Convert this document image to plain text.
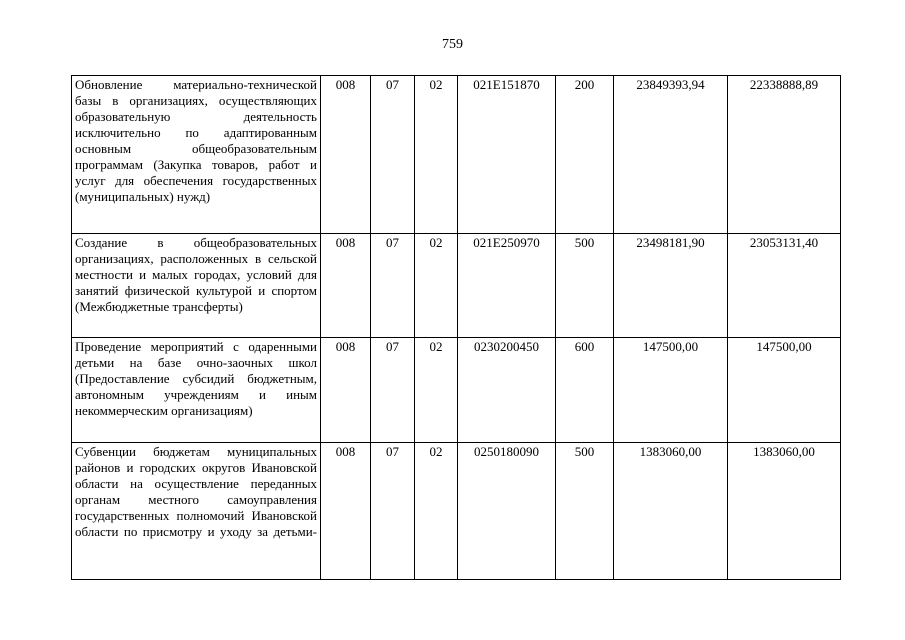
759
Обновление материально-технической базы в организациях, осуществляющих образовательную деятельность исключительно по адаптированным основным общеобразовательным программам (Закупка товаров, работ и услуг для обеспечения государственных (муниципальных) нужд)	008	07	02	021E151870	200	23849393,94	22338888,89
Создание в общеобразовательных организациях, расположенных в сельской местности и малых городах, условий для занятий физической культурой и спортом (Межбюджетные трансферты)	008	07	02	021E250970	500	23498181,90	23053131,40
Проведение мероприятий с одаренными детьми на базе очно-заочных школ (Предоставление субсидий бюджетным, автономным учреждениям и иным некоммерческим организациям)	008	07	02	0230200450	600	147500,00	147500,00
Субвенции бюджетам муниципальных районов и городских округов Ивановской области на осуществление переданных органам местного самоуправления государственных полномочий Ивановской области по присмотру и уходу за детьми-	008	07	02	0250180090	500	1383060,00	1383060,00
